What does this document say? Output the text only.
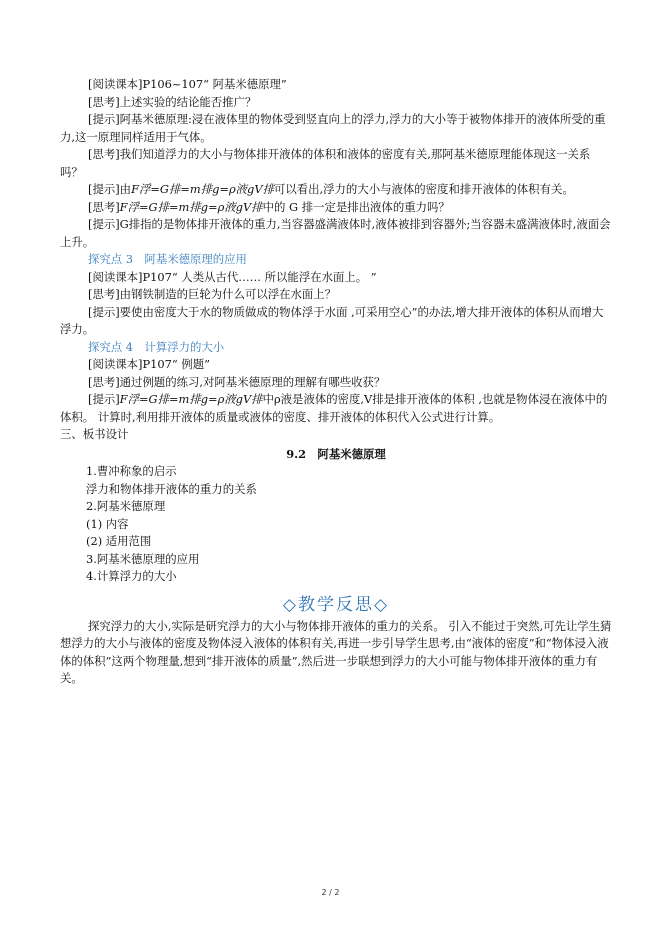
[阅读课本]P106~107“ 阿基米德原理”

[思考]上述实验的结论能否推广？

[提示]阿基米德原理:浸在液体里的物体受到竖直向上的浮力,浮力的大小等于被物体排开的液体所受的重力,这一原理同样适用于气体。

[思考]我们知道浮力的大小与物体排开液体的体积和液体的密度有关,那阿基米德原理能体现这一关系吗？

[提示]由F浮=G排=m排g=ρ液gV排可以看出,浮力的大小与液体的密度和排开液体的体积有关。

[思考]F浮=G排=m排g=ρ液gV排中的 G 排一定是排出液体的重力吗？

[提示]G排指的是物体排开液体的重力,当容器盛满液体时,液体被排到容器外;当容器未盛满液体时,液面会上升。

探究点 3　阿基米德原理的应用

[阅读课本]P107“ 人类从古代…… 所以能浮在水面上。 ”

[思考]由钢铁制造的巨轮为什么可以浮在水面上？

[提示]要使由密度大于水的物质做成的物体浮于水面 ,可采用空心”的办法,增大排开液体的体积从而增大浮力。

探究点 4　计算浮力的大小

[阅读课本]P107“ 例题”

[思考]通过例题的练习,对阿基米德原理的理解有哪些收获？

[提示]F浮=G排=m排g=ρ液gV排中ρ液是液体的密度,V排是排开液体的体积 ,也就是物体浸在液体中的体积。 计算时,利用排开液体的质量或液体的密度、排开液体的体积代入公式进行计算。

三、板书设计

9.2　阿基米德原理

1.曹冲称象的启示
浮力和物体排开液体的重力的关系
2.阿基米德原理
(1) 内容
(2) 适用范围
3.阿基米德原理的应用
4.计算浮力的大小
◇教学反思◇

探究浮力的大小,实际是研究浮力的大小与物体排开液体的重力的关系。 引入不能过于突然,可先让学生猜想浮力的大小与液体的密度及物体浸入液体的体积有关,再进一步引导学生思考,由“液体的密度”和“物体浸入液体的体积”这两个物理量,想到“排开液体的质量”,然后进一步联想到浮力的大小可能与物体排开液体的重力有关。

2 / 2
